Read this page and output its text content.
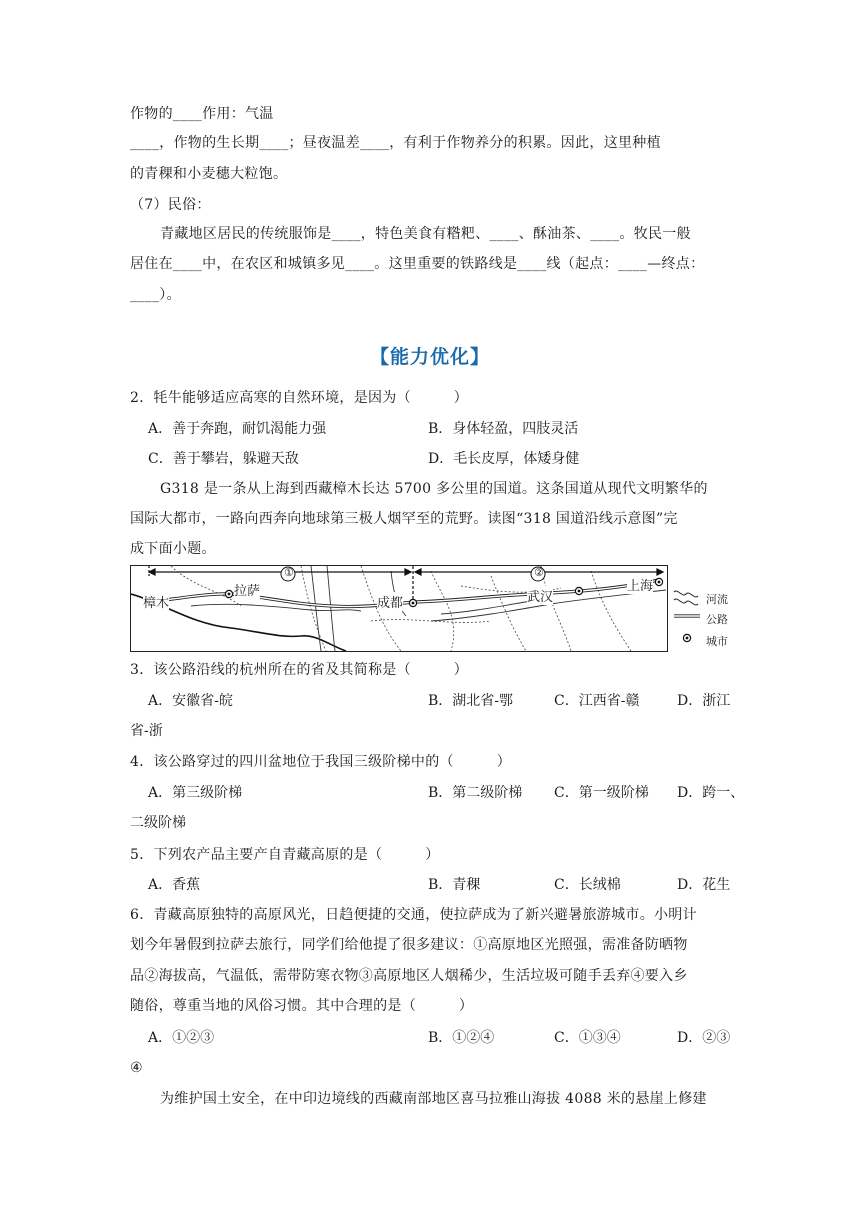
作物的____作用：气温
____，作物的生长期____；昼夜温差____，有利于作物养分的积累。因此，这里种植
的青稞和小麦穗大粒饱。
（7）民俗：
青藏地区居民的传统服饰是____，特色美食有糌粑、____、酥油茶、____。牧民一般
居住在____中，在农区和城镇多见____。这里重要的铁路线是____线（起点：____—终点：
____）。
【能力优化】
2．牦牛能够适应高寒的自然环境，是因为（　　　）
A．善于奔跑，耐饥渴能力强	B．身体轻盈，四肢灵活
C．善于攀岩，躲避天敌	D．毛长皮厚，体矮身健
G318 是一条从上海到西藏樟木长达 5700 多公里的国道。这条国道从现代文明繁华的
国际大都市，一路向西奔向地球第三极人烟罕至的荒野。读图“318 国道沿线示意图”完
成下面小题。
樟木
拉萨
成都	武汉
上海
①	②
河流
公路
城市
3．该公路沿线的杭州所在的省及其简称是（　　　）
A．安徽省-皖	B．湖北省-鄂	C．江西省-赣	D．浙江
省-浙
4．该公路穿过的四川盆地位于我国三级阶梯中的（　　　）
A．第三级阶梯	B．第二级阶梯 C．第一级阶梯 D．跨一、
二级阶梯
5．下列农产品主要产自青藏高原的是（　　　）
A．香蕉	B．青稞	C．长绒棉	D．花生
6．青藏高原独特的高原风光，日趋便捷的交通，使拉萨成为了新兴避暑旅游城市。小明计
划今年暑假到拉萨去旅行，同学们给他提了很多建议：①高原地区光照强，需准备防晒物
品②海拔高，气温低，需带防寒衣物③高原地区人烟稀少，生活垃圾可随手丢弃④要入乡
随俗，尊重当地的风俗习惯。其中合理的是（　　　）
A．①②③	B．①②④	C．①③④	D．②③
④
为维护国土安全，在中印边境线的西藏南部地区喜马拉雅山海拔 4088 米的悬崖上修建
